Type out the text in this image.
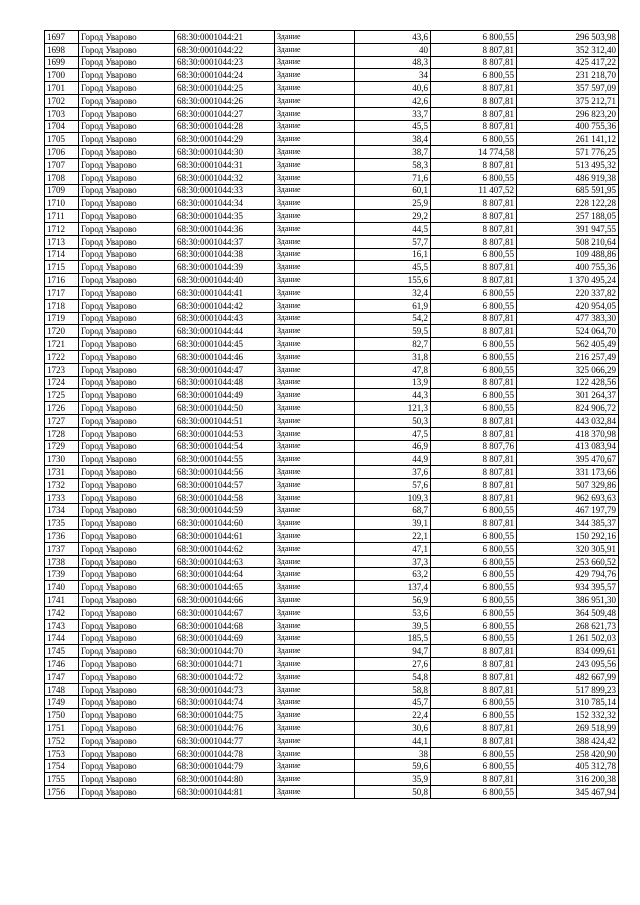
1697	Город Уварово	68:30:0001044:21	Здание	43,6	6 800,55	296 503,98
1698	Город Уварово	68:30:0001044:22	Здание	40	8 807,81	352 312,40
1699	Город Уварово	68:30:0001044:23	Здание	48,3	8 807,81	425 417,22
1700	Город Уварово	68:30:0001044:24	Здание	34	6 800,55	231 218,70
1701	Город Уварово	68:30:0001044:25	Здание	40,6	8 807,81	357 597,09
1702	Город Уварово	68:30:0001044:26	Здание	42,6	8 807,81	375 212,71
1703	Город Уварово	68:30:0001044:27	Здание	33,7	8 807,81	296 823,20
1704	Город Уварово	68:30:0001044:28	Здание	45,5	8 807,81	400 755,36
1705	Город Уварово	68:30:0001044:29	Здание	38,4	6 800,55	261 141,12
1706	Город Уварово	68:30:0001044:30	Здание	38,7	14 774,58	571 776,25
1707	Город Уварово	68:30:0001044:31	Здание	58,3	8 807,81	513 495,32
1708	Город Уварово	68:30:0001044:32	Здание	71,6	6 800,55	486 919,38
1709	Город Уварово	68:30:0001044:33	Здание	60,1	11 407,52	685 591,95
1710	Город Уварово	68:30:0001044:34	Здание	25,9	8 807,81	228 122,28
1711	Город Уварово	68:30:0001044:35	Здание	29,2	8 807,81	257 188,05
1712	Город Уварово	68:30:0001044:36	Здание	44,5	8 807,81	391 947,55
1713	Город Уварово	68:30:0001044:37	Здание	57,7	8 807,81	508 210,64
1714	Город Уварово	68:30:0001044:38	Здание	16,1	6 800,55	109 488,86
1715	Город Уварово	68:30:0001044:39	Здание	45,5	8 807,81	400 755,36
1716	Город Уварово	68:30:0001044:40	Здание	155,6	8 807,81	1 370 495,24
1717	Город Уварово	68:30:0001044:41	Здание	32,4	6 800,55	220 337,82
1718	Город Уварово	68:30:0001044:42	Здание	61,9	6 800,55	420 954,05
1719	Город Уварово	68:30:0001044:43	Здание	54,2	8 807,81	477 383,30
1720	Город Уварово	68:30:0001044:44	Здание	59,5	8 807,81	524 064,70
1721	Город Уварово	68:30:0001044:45	Здание	82,7	6 800,55	562 405,49
1722	Город Уварово	68:30:0001044:46	Здание	31,8	6 800,55	216 257,49
1723	Город Уварово	68:30:0001044:47	Здание	47,8	6 800,55	325 066,29
1724	Город Уварово	68:30:0001044:48	Здание	13,9	8 807,81	122 428,56
1725	Город Уварово	68:30:0001044:49	Здание	44,3	6 800,55	301 264,37
1726	Город Уварово	68:30:0001044:50	Здание	121,3	6 800,55	824 906,72
1727	Город Уварово	68:30:0001044:51	Здание	50,3	8 807,81	443 032,84
1728	Город Уварово	68:30:0001044:53	Здание	47,5	8 807,81	418 370,98
1729	Город Уварово	68:30:0001044:54	Здание	46,9	8 807,76	413 083,94
1730	Город Уварово	68:30:0001044:55	Здание	44,9	8 807,81	395 470,67
1731	Город Уварово	68:30:0001044:56	Здание	37,6	8 807,81	331 173,66
1732	Город Уварово	68:30:0001044:57	Здание	57,6	8 807,81	507 329,86
1733	Город Уварово	68:30:0001044:58	Здание	109,3	8 807,81	962 693,63
1734	Город Уварово	68:30:0001044:59	Здание	68,7	6 800,55	467 197,79
1735	Город Уварово	68:30:0001044:60	Здание	39,1	8 807,81	344 385,37
1736	Город Уварово	68:30:0001044:61	Здание	22,1	6 800,55	150 292,16
1737	Город Уварово	68:30:0001044:62	Здание	47,1	6 800,55	320 305,91
1738	Город Уварово	68:30:0001044:63	Здание	37,3	6 800,55	253 660,52
1739	Город Уварово	68:30:0001044:64	Здание	63,2	6 800,55	429 794,76
1740	Город Уварово	68:30:0001044:65	Здание	137,4	6 800,55	934 395,57
1741	Город Уварово	68:30:0001044:66	Здание	56,9	6 800,55	386 951,30
1742	Город Уварово	68:30:0001044:67	Здание	53,6	6 800,55	364 509,48
1743	Город Уварово	68:30:0001044:68	Здание	39,5	6 800,55	268 621,73
1744	Город Уварово	68:30:0001044:69	Здание	185,5	6 800,55	1 261 502,03
1745	Город Уварово	68:30:0001044:70	Здание	94,7	8 807,81	834 099,61
1746	Город Уварово	68:30:0001044:71	Здание	27,6	8 807,81	243 095,56
1747	Город Уварово	68:30:0001044:72	Здание	54,8	8 807,81	482 667,99
1748	Город Уварово	68:30:0001044:73	Здание	58,8	8 807,81	517 899,23
1749	Город Уварово	68:30:0001044:74	Здание	45,7	6 800,55	310 785,14
1750	Город Уварово	68:30:0001044:75	Здание	22,4	6 800,55	152 332,32
1751	Город Уварово	68:30:0001044:76	Здание	30,6	8 807,81	269 518,99
1752	Город Уварово	68:30:0001044:77	Здание	44,1	8 807,81	388 424,42
1753	Город Уварово	68:30:0001044:78	Здание	38	6 800,55	258 420,90
1754	Город Уварово	68:30:0001044:79	Здание	59,6	6 800,55	405 312,78
1755	Город Уварово	68:30:0001044:80	Здание	35,9	8 807,81	316 200,38
1756	Город Уварово	68:30:0001044:81	Здание	50,8	6 800,55	345 467,94
